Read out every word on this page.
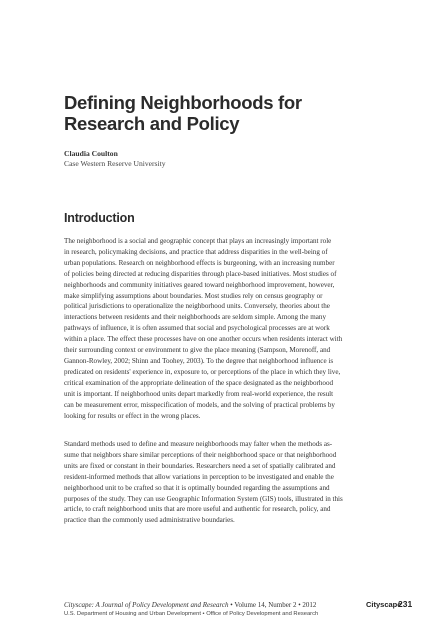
Defining Neighborhoods for
Research and Policy
Claudia Coulton
Case Western Reserve University
Introduction
The neighborhood is a social and geographic concept that plays an increasingly important role
in research, policymaking decisions, and practice that address disparities in the well-being of
urban populations. Research on neighborhood effects is burgeoning, with an increasing number
of policies being directed at reducing disparities through place-based initiatives. Most studies of
neighborhoods and community initiatives geared toward neighborhood improvement, however,
make simplifying assumptions about boundaries. Most studies rely on census geography or
political jurisdictions to operationalize the neighborhood units. Conversely, theories about the
interactions between residents and their neighborhoods are seldom simple. Among the many
pathways of influence, it is often assumed that social and psychological processes are at work
within a place. The effect these processes have on one another occurs when residents interact with
their surrounding context or environment to give the place meaning (Sampson, Morenoff, and
Gannon-Rowley, 2002; Shinn and Toohey, 2003). To the degree that neighborhood influence is
predicated on residents' experience in, exposure to, or perceptions of the place in which they live,
critical examination of the appropriate delineation of the space designated as the neighborhood
unit is important. If neighborhood units depart markedly from real-world experience, the result
can be measurement error, misspecification of models, and the solving of practical problems by
looking for results or effect in the wrong places.
Standard methods used to define and measure neighborhoods may falter when the methods as-
sume that neighbors share similar perceptions of their neighborhood space or that neighborhood
units are fixed or constant in their boundaries. Researchers need a set of spatially calibrated and
resident-informed methods that allow variations in perception to be investigated and enable the
neighborhood unit to be crafted so that it is optimally bounded regarding the assumptions and
purposes of the study. They can use Geographic Information System (GIS) tools, illustrated in this
article, to craft neighborhood units that are more useful and authentic for research, policy, and
practice than the commonly used administrative boundaries.
Cityscape: A Journal of Policy Development and Research • Volume 14, Number 2 • 2012
U.S. Department of Housing and Urban Development • Office of Policy Development and Research
Cityscape
231
